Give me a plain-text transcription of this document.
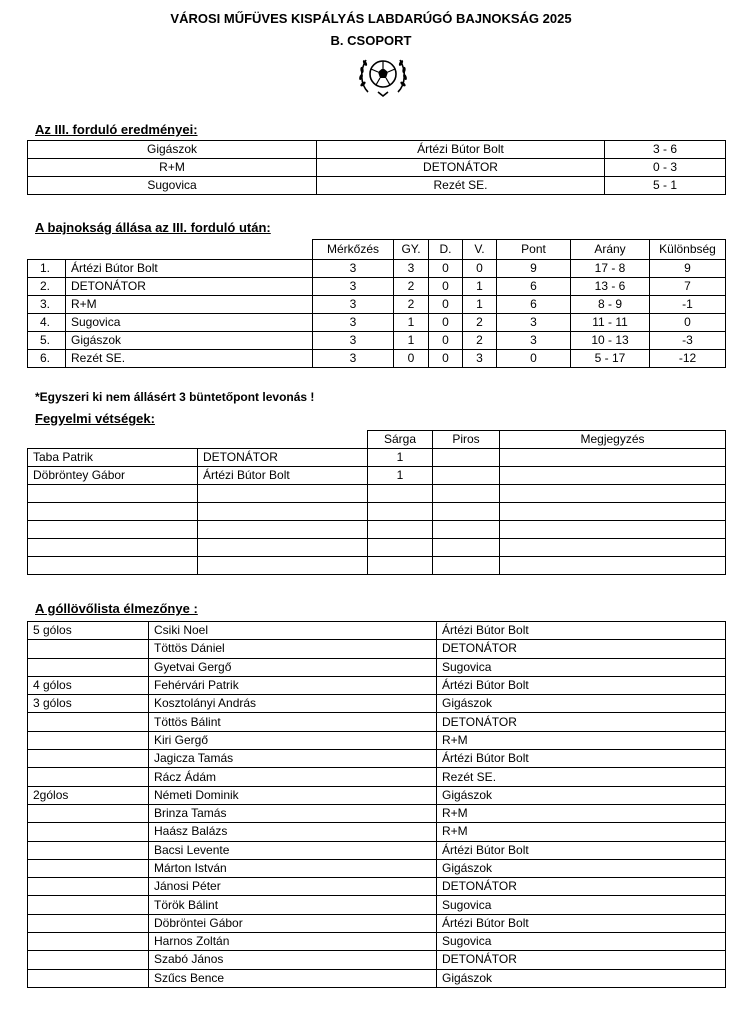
VÁROSI MŰFÜVES KISPÁLYÁS LABDARÚGÓ BAJNOKSÁG 2025
B. CSOPORT
Az III. forduló eredményei:
Gigászok	Ártézi Bútor Bolt	3 - 6
R+M	DETONÁTOR	0 - 3
Sugovica	Rezét SE.	5 - 1
A bajnokság állása az III. forduló után:
		Mérkőzés	GY.	D.	V.	Pont	Arány	Különbség
1.	Ártézi Bútor Bolt	3	3	0	0	9	17 - 8	9
2.	DETONÁTOR	3	2	0	1	6	13 - 6	7
3.	R+M	3	2	0	1	6	8 - 9	-1
4.	Sugovica	3	1	0	2	3	11 - 11	0
5.	Gigászok	3	1	0	2	3	10 - 13	-3
6.	Rezét SE.	3	0	0	3	0	5 - 17	-12
*Egyszeri ki nem állásért 3 büntetőpont levonás !
Fegyelmi vétségek:
		Sárga	Piros	Megjegyzés
Taba Patrik	DETONÁTOR	1		
Döbröntey Gábor	Ártézi Bútor Bolt	1		

A góllövőlista élmezőnye :
5 gólos	Csiki Noel	Ártézi Bútor Bolt
	Töttös Dániel	DETONÁTOR
	Gyetvai Gergő	Sugovica
4 gólos	Fehérvári Patrik	Ártézi Bútor Bolt
3 gólos	Kosztolányi András	Gigászok
	Töttös Bálint	DETONÁTOR
	Kiri Gergő	R+M
	Jagicza Tamás	Ártézi Bútor Bolt
	Rácz Ádám	Rezét SE.
2gólos	Németi Dominik	Gigászok
	Brinza Tamás	R+M
	Haász Balázs	R+M
	Bacsi Levente	Ártézi Bútor Bolt
	Márton István	Gigászok
	Jánosi Péter	DETONÁTOR
	Török Bálint	Sugovica
	Döbröntei Gábor	Ártézi Bútor Bolt
	Harnos Zoltán	Sugovica
	Szabó János	DETONÁTOR
	Szűcs Bence	Gigászok
